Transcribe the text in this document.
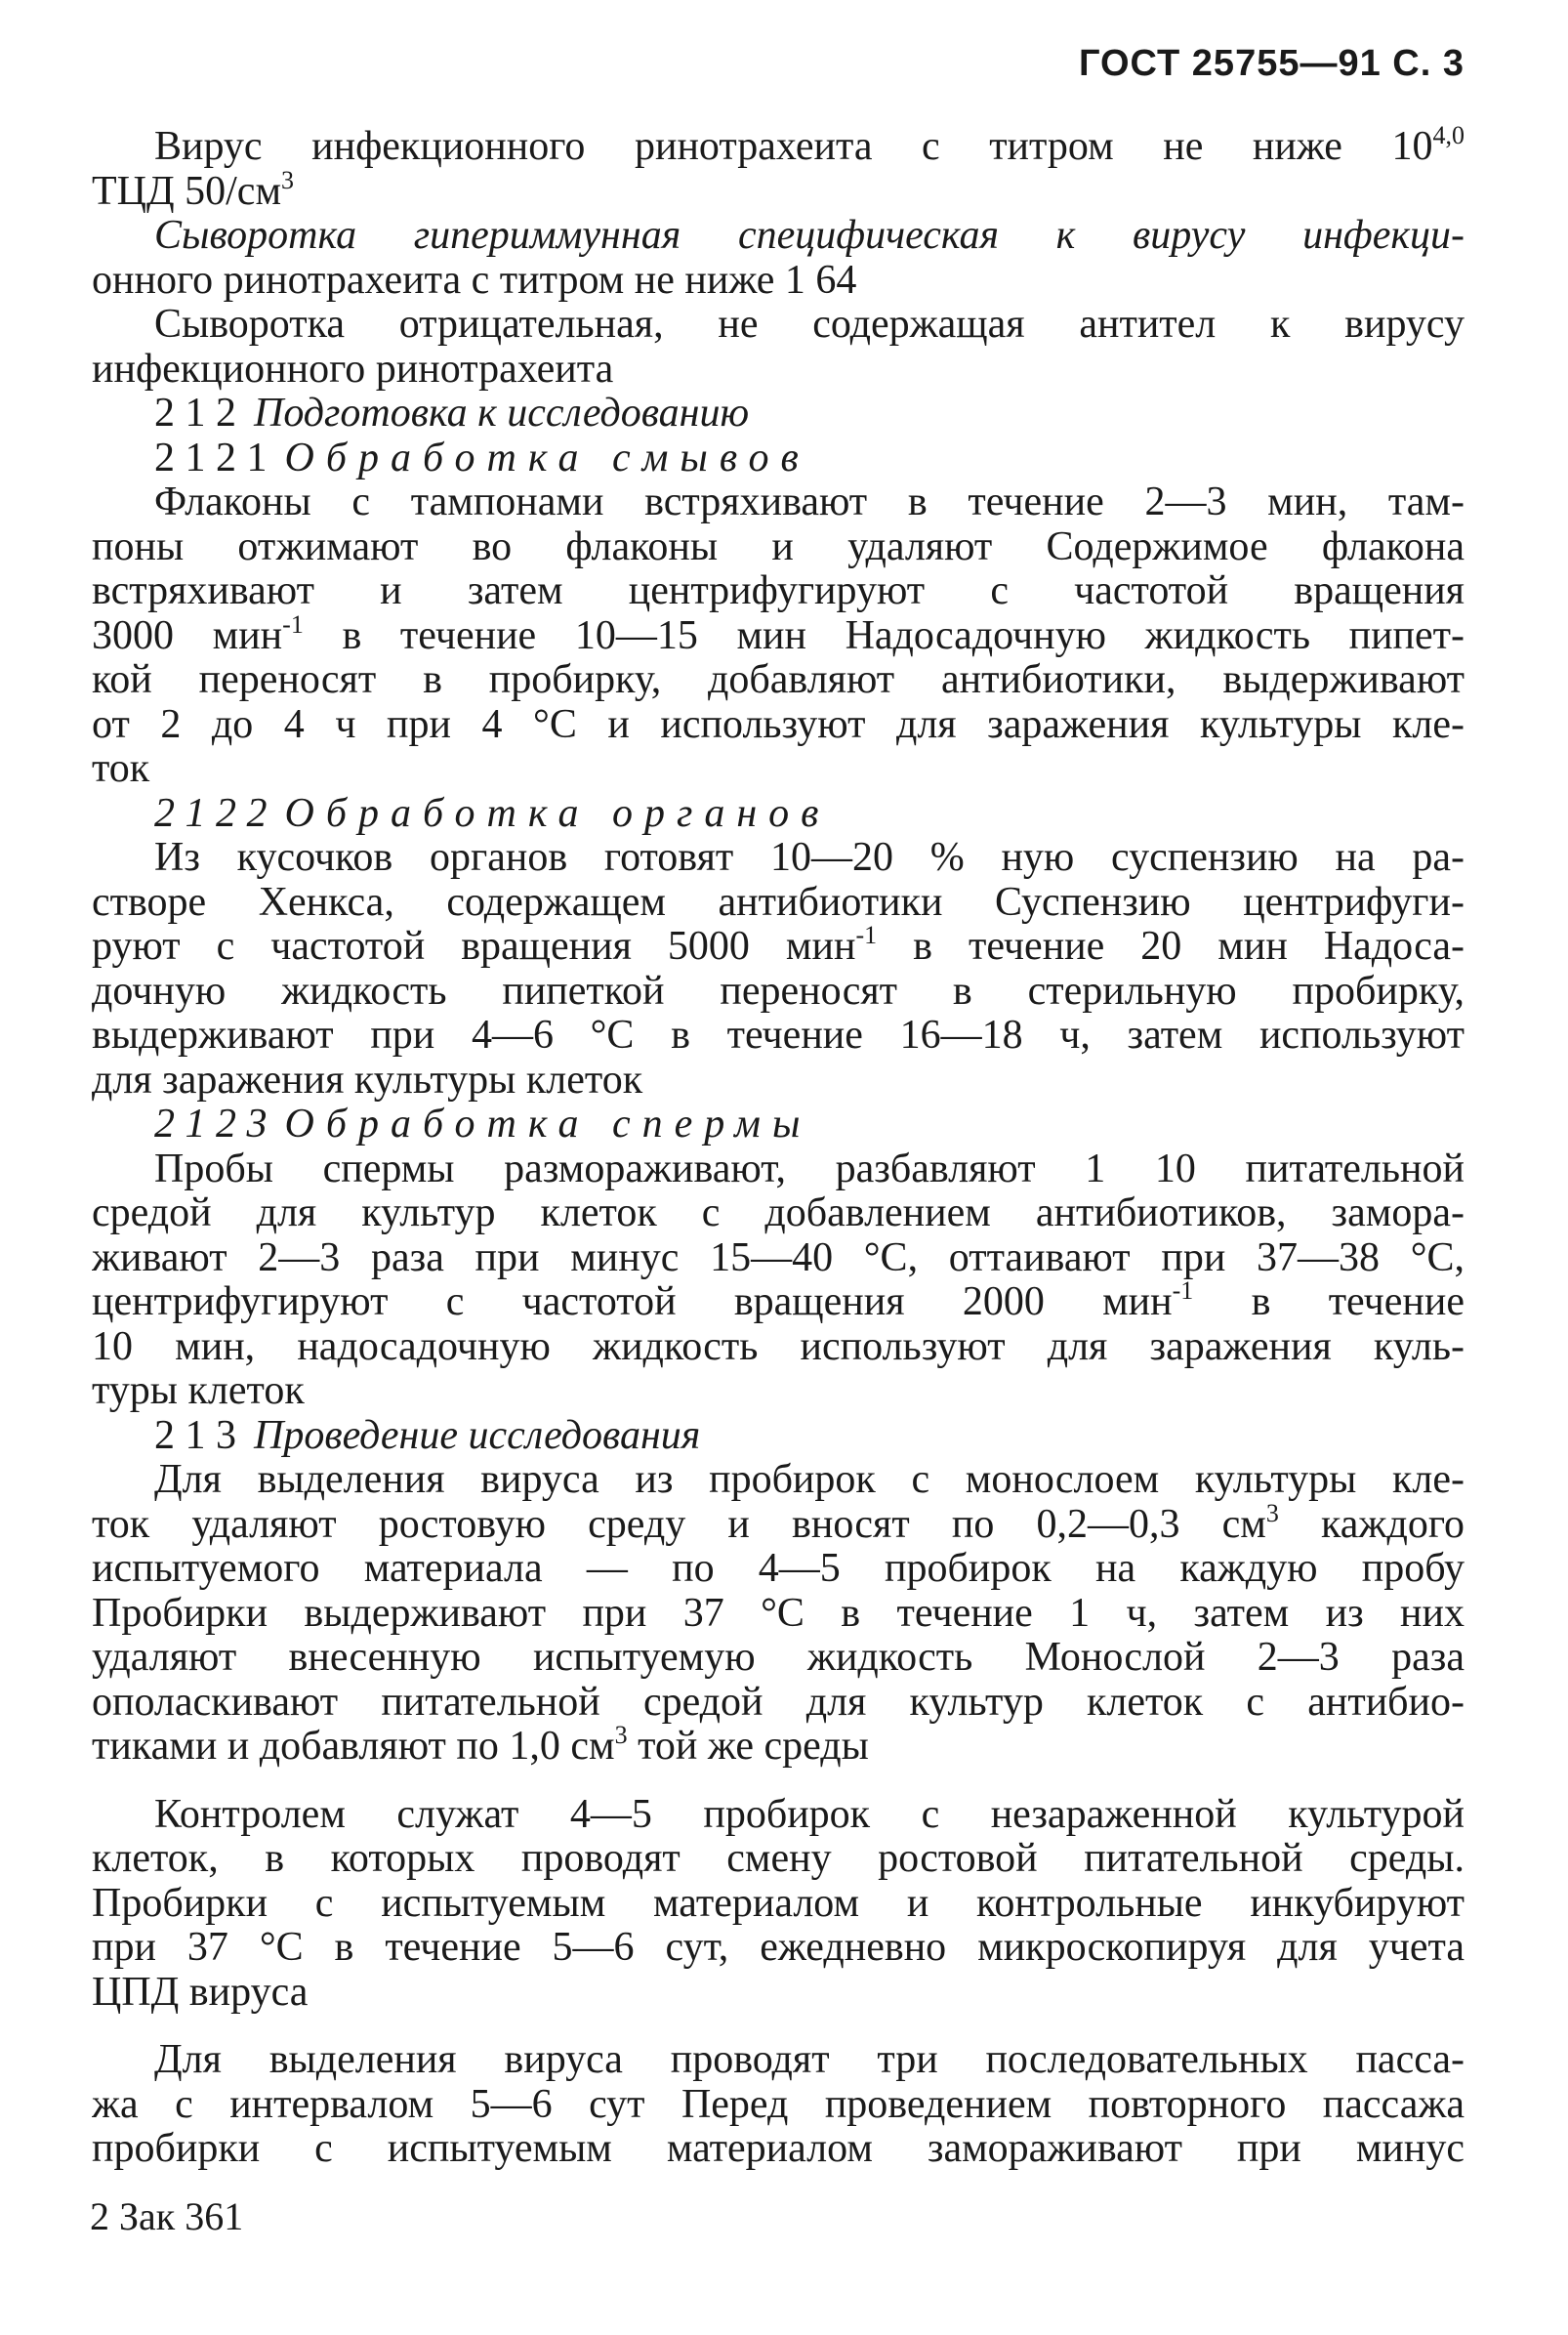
ГОСТ 25755—91 С. 3
Вирус инфекционного ринотрахеита с титром не ниже 10$^{4,0}$
ТЦД $50/см^3$
Сыворотка гипериммунная специфическая к вирусу инфекци-
онного ринотрахеита с титром не ниже 1 64
Сыворотка отрицательная, не содержащая антител к вирусу
инфекционного ринотрахеита
2 1 2 Подготовка к исследованию
2 1 2 1 Обработка смывов
Флаконы с тампонами встряхивают в течение 2—3 мин, там-
поны отжимают во флаконы и удаляют Содержимое флакона
встряхивают и затем центрифугируют с частотой вращения
3000 мин$^{-1}$ в течение 10—15 мин Надосадочную жидкость пипет-
кой переносят в пробирку, добавляют антибиотики, выдерживают
от 2 до 4 ч при 4 °С и используют для заражения культуры кле-
ток
2 1 2 2 Обработка органов
Из кусочков органов готовят 10—20 % ную суспензию на ра-
створе Хенкса, содержащем антибиотики Суспензию центрифуги-
руют с частотой вращения 5000 мин$^{-1}$ в течение 20 мин Надоса-
дочную жидкость пипеткой переносят в стерильную пробирку,
выдерживают при 4—6 °С в течение 16—18 ч, затем используют
для заражения культуры клеток
2 1 2 3 Обработка спермы
Пробы спермы размораживают, разбавляют 1 10 питательной
средой для культур клеток с добавлением антибиотиков, замора-
живают 2—3 раза при минус 15—40 °С, оттаивают при 37—38 °С,
центрифугируют с частотой вращения 2000 мин$^{-1}$ в течение
10 мин, надосадочную жидкость используют для заражения куль-
туры клеток
2 1 3 Проведение исследования
Для выделения вируса из пробирок с монослоем культуры кле-
ток удаляют ростовую среду и вносят по 0,2—0,3 $см^3$ каждого
испытуемого материала — по 4—5 пробирок на каждую пробу
Пробирки выдерживают при 37 °С в течение 1 ч, затем из них
удаляют внесенную испытуемую жидкость Монослой 2—3 раза
ополаскивают питательной средой для культур клеток с антибио-
тиками и добавляют по 1,0 $см^3$ той же среды
Контролем служат 4—5 пробирок с незараженной культурой
клеток, в которых проводят смену ростовой питательной среды.
Пробирки с испытуемым материалом и контрольные инкубируют
при 37 °С в течение 5—6 сут, ежедневно микроскопируя для учета
ЦПД вируса
Для выделения вируса проводят три последовательных пасса-
жа с интервалом 5—6 сут Перед проведением повторного пассажа
пробирки с испытуемым материалом замораживают при минус
2 Зак 361
